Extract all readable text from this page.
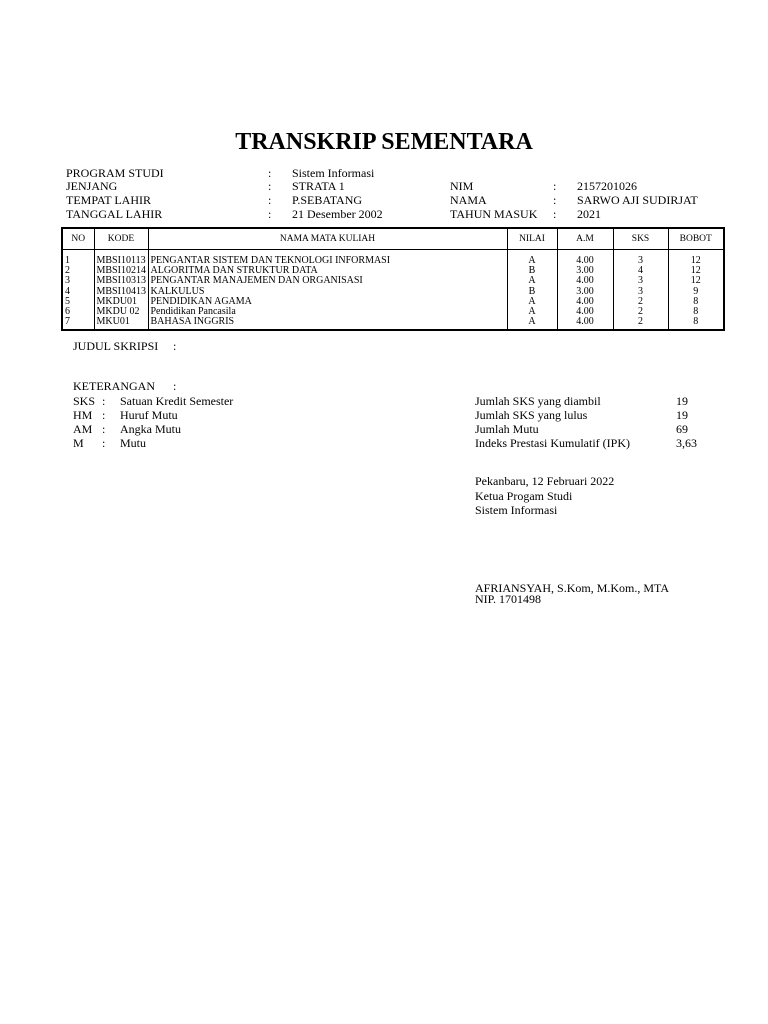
TRANSKRIP SEMENTARA
PROGRAM STUDI	: Sistem Informasi
JENJANG	: STRATA 1
TEMPAT LAHIR	: P.SEBATANG
TANGGAL LAHIR	: 21 Desember 2002
NIM	: 2157201026
NAMA	: SARWO AJI SUDIRJAT
TAHUN MASUK : 2021
NO	KODE	NAMA MATA KULIAH	NILAI	A.M	SKS	BOBOT

1	MBSI10113	PENGANTAR SISTEM DAN TEKNOLOGI INFORMASI	A	4.00	3	12
2	MBSI10214	ALGORITMA DAN STRUKTUR DATA	B	3.00	4	12
3	MBSI10313	PENGANTAR MANAJEMEN DAN ORGANISASI	A	4.00	3	12
4	MBSI10413	KALKULUS	B	3.00	3	9
5	MKDU01	PENDIDIKAN AGAMA	A	4.00	2	8
6	MKDU 02	Pendidikan Pancasila	A	4.00	2	8
7	MKU01	BAHASA INGGRIS	A	4.00	2	8
JUDUL SKRIPSI :
KETERANGAN :
SKS : Satuan Kredit Semester
HM : Huruf Mutu
AM : Angka Mutu
M : Mutu
Jumlah SKS yang diambil	19
Jumlah SKS yang lulus	19
Jumlah Mutu	69
Indeks Prestasi Kumulatif (IPK)	3,63
Pekanbaru, 12 Februari 2022
Ketua Progam Studi
Sistem Informasi
AFRIANSYAH, S.Kom, M.Kom., MTA
NIP. 1701498
